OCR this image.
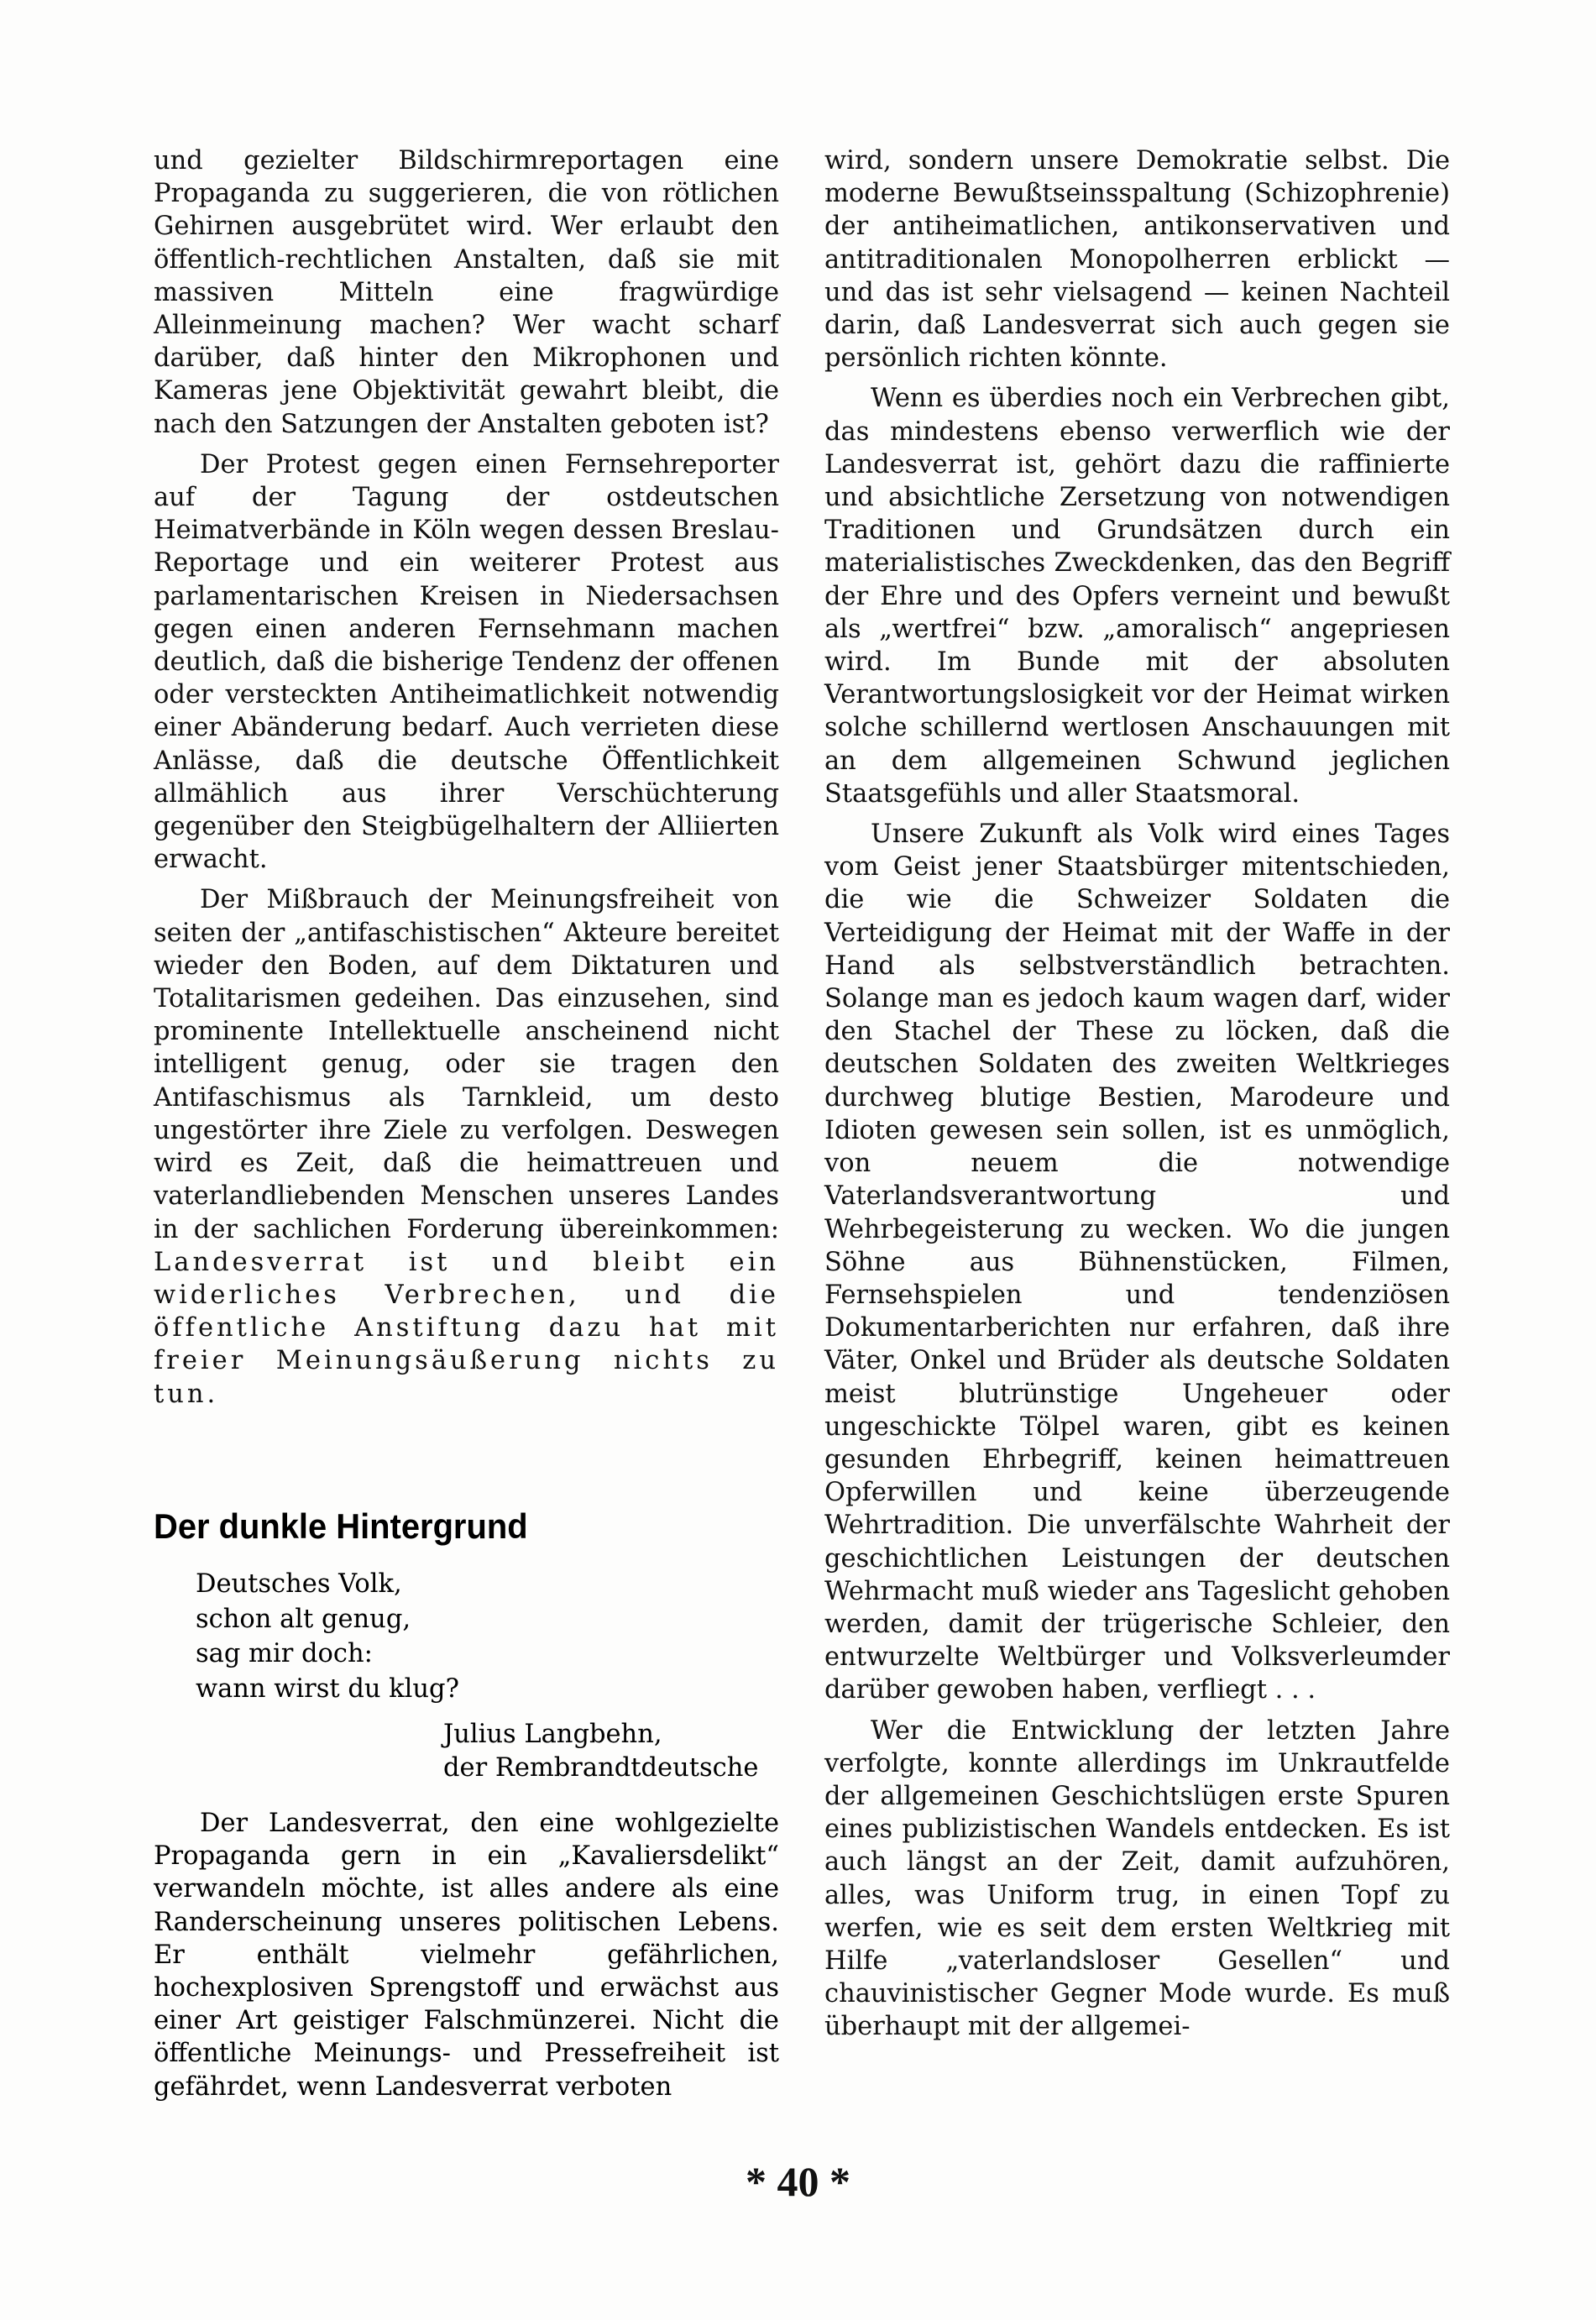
und gezielter Bildschirmreportagen eine Propaganda zu suggerieren, die von rötlichen Gehirnen ausgebrütet wird. Wer erlaubt den öffentlich-rechtlichen Anstalten, daß sie mit massiven Mitteln eine fragwürdige Alleinmeinung machen? Wer wacht scharf darüber, daß hinter den Mikrophonen und Kameras jene Objektivität gewahrt bleibt, die nach den Satzungen der Anstalten geboten ist?

Der Protest gegen einen Fernsehreporter auf der Tagung der ostdeutschen Heimatverbände in Köln wegen dessen Breslau-Reportage und ein weiterer Protest aus parlamentarischen Kreisen in Niedersachsen gegen einen anderen Fernsehmann machen deutlich, daß die bisherige Tendenz der offenen oder versteckten Antiheimatlichkeit notwendig einer Abänderung bedarf. Auch verrieten diese Anlässe, daß die deutsche Öffentlichkeit allmählich aus ihrer Verschüchterung gegenüber den Steigbügelhaltern der Alliierten erwacht.

Der Mißbrauch der Meinungsfreiheit von seiten der „antifaschistischen“ Akteure bereitet wieder den Boden, auf dem Diktaturen und Totalitarismen gedeihen. Das einzusehen, sind prominente Intellektuelle anscheinend nicht intelligent genug, oder sie tragen den Antifaschismus als Tarnkleid, um desto ungestörter ihre Ziele zu verfolgen. Deswegen wird es Zeit, daß die heimattreuen und vaterlandliebenden Menschen unseres Landes in der sachlichen Forderung übereinkommen: Landesverrat ist und bleibt ein widerliches Verbrechen, und die öffentliche Anstiftung dazu hat mit freier Meinungsäußerung nichts zu tun.

Der dunkle Hintergrund
Deutsches Volk,
schon alt genug,
sag mir doch:
wann wirst du klug?
Julius Langbehn,
der Rembrandtdeutsche

Der Landesverrat, den eine wohlgezielte Propaganda gern in ein „Kavaliersdelikt“ verwandeln möchte, ist alles andere als eine Randerscheinung unseres politischen Lebens. Er enthält vielmehr gefährlichen, hochexplosiven Sprengstoff und erwächst aus einer Art geistiger Falschmünzerei. Nicht die öffentliche Meinungs- und Pressefreiheit ist gefährdet, wenn Landesverrat verboten

wird, sondern unsere Demokratie selbst. Die moderne Bewußtseinsspaltung (Schizophrenie) der antiheimatlichen, antikonservativen und antitraditionalen Monopolherren erblickt — und das ist sehr vielsagend — keinen Nachteil darin, daß Landesverrat sich auch gegen sie persönlich richten könnte.

Wenn es überdies noch ein Verbrechen gibt, das mindestens ebenso verwerflich wie der Landesverrat ist, gehört dazu die raffinierte und absichtliche Zersetzung von notwendigen Traditionen und Grundsätzen durch ein materialistisches Zweckdenken, das den Begriff der Ehre und des Opfers verneint und bewußt als „wertfrei“ bzw. „amoralisch“ angepriesen wird. Im Bunde mit der absoluten Verantwortungslosigkeit vor der Heimat wirken solche schillernd wertlosen Anschauungen mit an dem allgemeinen Schwund jeglichen Staatsgefühls und aller Staatsmoral.

Unsere Zukunft als Volk wird eines Tages vom Geist jener Staatsbürger mitentschieden, die wie die Schweizer Soldaten die Verteidigung der Heimat mit der Waffe in der Hand als selbstverständlich betrachten. Solange man es jedoch kaum wagen darf, wider den Stachel der These zu löcken, daß die deutschen Soldaten des zweiten Weltkrieges durchweg blutige Bestien, Marodeure und Idioten gewesen sein sollen, ist es unmöglich, von neuem die notwendige Vaterlandsverantwortung und Wehrbegeisterung zu wecken. Wo die jungen Söhne aus Bühnenstücken, Filmen, Fernsehspielen und tendenziösen Dokumentarberichten nur erfahren, daß ihre Väter, Onkel und Brüder als deutsche Soldaten meist blutrünstige Ungeheuer oder ungeschickte Tölpel waren, gibt es keinen gesunden Ehrbegriff, keinen heimattreuen Opferwillen und keine überzeugende Wehrtradition. Die unverfälschte Wahrheit der geschichtlichen Leistungen der deutschen Wehrmacht muß wieder ans Tageslicht gehoben werden, damit der trügerische Schleier, den entwurzelte Weltbürger und Volksverleumder darüber gewoben haben, verfliegt . . .

Wer die Entwicklung der letzten Jahre verfolgte, konnte allerdings im Unkrautfelde der allgemeinen Geschichtslügen erste Spuren eines publizistischen Wandels entdecken. Es ist auch längst an der Zeit, damit aufzuhören, alles, was Uniform trug, in einen Topf zu werfen, wie es seit dem ersten Weltkrieg mit Hilfe „vaterlandsloser Gesellen“ und chauvinistischer Gegner Mode wurde. Es muß überhaupt mit der allgemei-

* 40 *
